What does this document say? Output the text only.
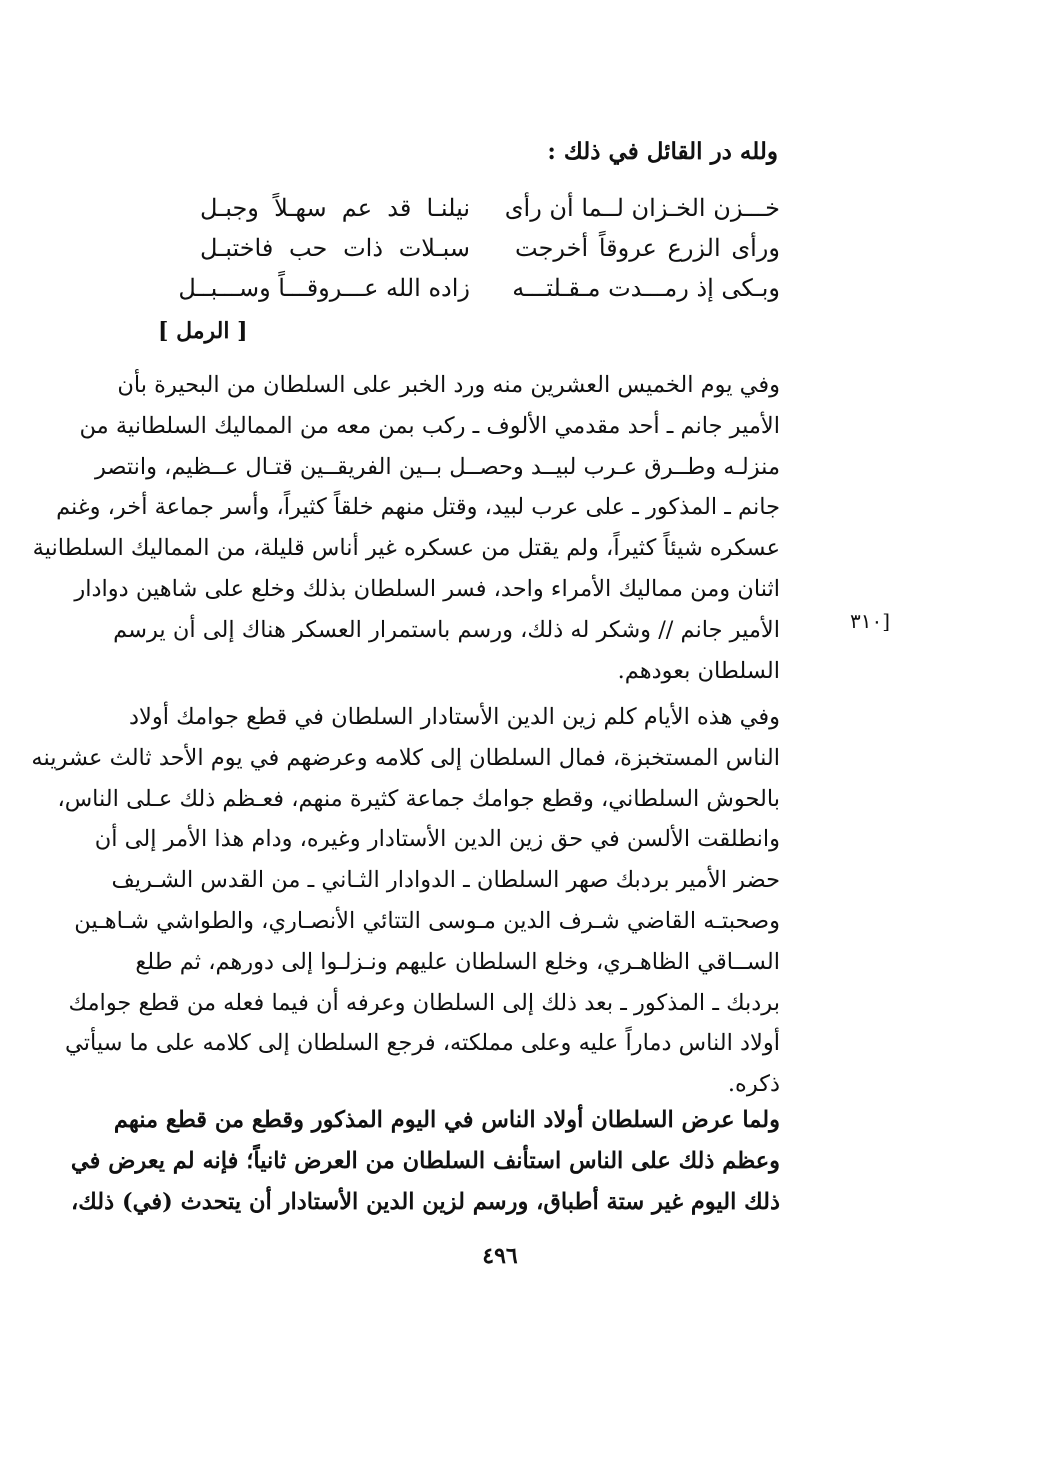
ولله در القائل في ذلك :
خـــزن الخـزان لــما أن رأى
نيلنـا قد عم سهـلاً وجبـل
ورأى الزرع عروقاً أخرجت
سبـلات ذات حب فاختبـل
وبـكى إذ رمـــدت مـقـلتـــه
زاده الله عـــروقـــاً وســـبــل
[ الرمل ]
وفي يوم الخميس العشرين منه ورد الخبر على السلطان من البحيرة بأن
الأمير جانم ـ أحد مقدمي الألوف ـ ركب بمن معه من المماليك السلطانية من
منزلـه وطــرق عـرب لبيــد وحصــل بــين الفريقــين قتـال عــظيم، وانتصر
جانم ـ المذكور ـ على عرب لبيد، وقتل منهم خلقاً كثيراً، وأسر جماعة أخر، وغنم
عسكره شيئاً كثيراً، ولم يقتل من عسكره غير أناس قليلة، من المماليك السلطانية
اثنان ومن مماليك الأمراء واحد، فسر السلطان بذلك وخلع على شاهين دوادار
الأمير جانم // وشكر له ذلك، ورسم باستمرار العسكر هناك إلى أن يرسم
السلطان بعودهم.
[٣١٠
وفي هذه الأيام كلم زين الدين الأستادار السلطان في قطع جوامك أولاد
الناس المستخبزة، فمال السلطان إلى كلامه وعرضهم في يوم الأحد ثالث عشرينه
بالحوش السلطاني، وقطع جوامك جماعة كثيرة منهم، فعـظم ذلك عـلى الناس،
وانطلقت الألسن في حق زين الدين الأستادار وغيره، ودام هذا الأمر إلى أن
حضر الأمير بردبك صهر السلطان ـ الدوادار الثـاني ـ من القدس الشـريف
وصحبتـه القاضي شـرف الدين مـوسى التتائي الأنصـاري، والطواشي شـاهـين
الســاقي الظاهـري، وخلع السلطان عليهم ونـزلـوا إلى دورهم، ثم طلع
بردبك ـ المذكور ـ بعد ذلك إلى السلطان وعرفه أن فيما فعله من قطع جوامك
أولاد الناس دماراً عليه وعلى مملكته، فرجع السلطان إلى كلامه على ما سيأتي
ذكره.
ولما عرض السلطان أولاد الناس في اليوم المذكور وقطع من قطع منهم
وعظم ذلك على الناس استأنف السلطان من العرض ثانياً؛ فإنه لم يعرض في
ذلك اليوم غير ستة أطباق، ورسم لزين الدين الأستادار أن يتحدث (في) ذلك،
٤٩٦
